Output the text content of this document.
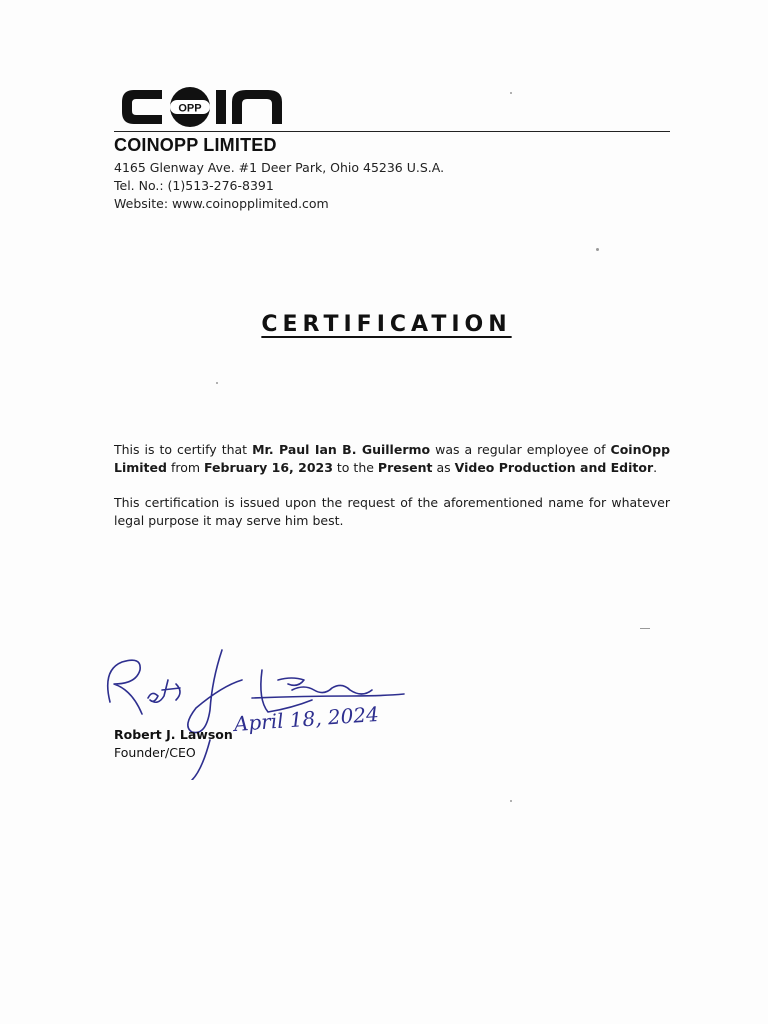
OPP
COINOPP LIMITED
4165 Glenway Ave. #1 Deer Park, Ohio 45236 U.S.A.
Tel. No.: (1)513-276-8391
Website: www.coinopplimited.com
CERTIFICATION
This is to certify that Mr. Paul Ian B. Guillermo was a regular employee of CoinOpp Limited from February 16, 2023 to the Present as Video Production and Editor.
This certification is issued upon the request of the aforementioned name for whatever legal purpose it may serve him best.
April 18, 2024
Robert J. Lawson
Founder/CEO
